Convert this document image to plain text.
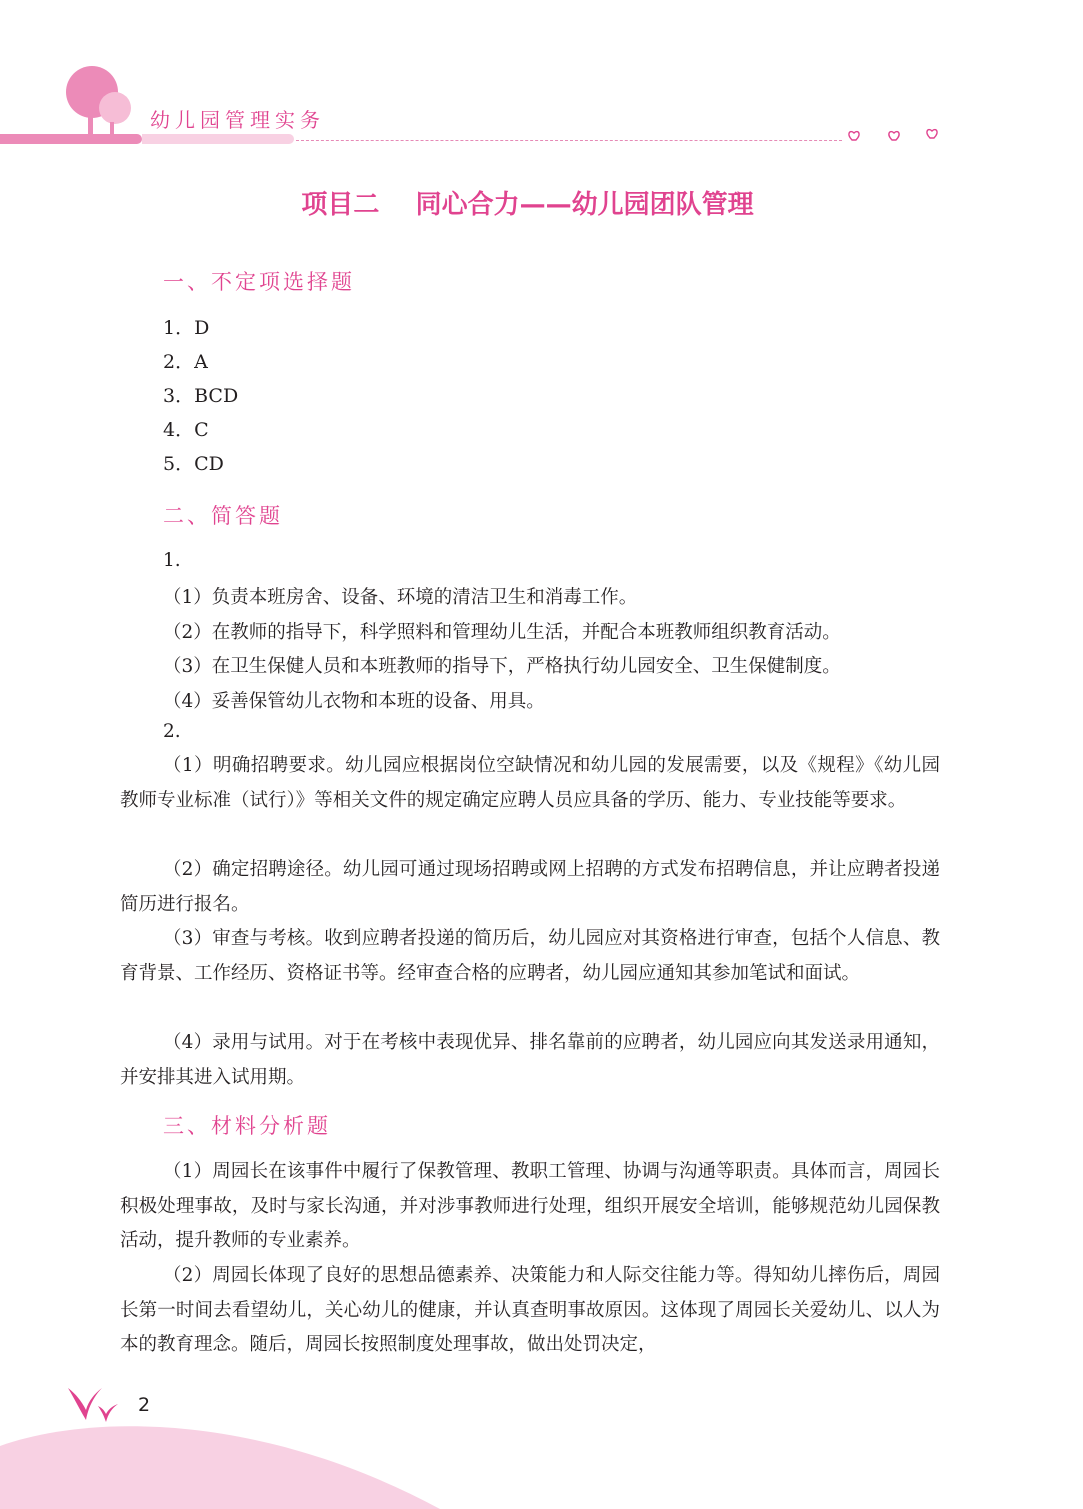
幼儿园管理实务
项目二    同心合力——幼儿园团队管理
一、不定项选择题
1．D
2．A
3．BCD
4．C
5．CD
二、简答题
1.
（1）负责本班房舍、设备、环境的清洁卫生和消毒工作。
（2）在教师的指导下，科学照料和管理幼儿生活，并配合本班教师组织教育活动。
（3）在卫生保健人员和本班教师的指导下，严格执行幼儿园安全、卫生保健制度。
（4）妥善保管幼儿衣物和本班的设备、用具。
2.
（1）明确招聘要求。幼儿园应根据岗位空缺情况和幼儿园的发展需要，以及《规程》《幼儿园教师专业标准（试行）》等相关文件的规定确定应聘人员应具备的学历、能力、专业技能等要求。
（2）确定招聘途径。幼儿园可通过现场招聘或网上招聘的方式发布招聘信息，并让应聘者投递简历进行报名。
（3）审查与考核。收到应聘者投递的简历后，幼儿园应对其资格进行审查，包括个人信息、教育背景、工作经历、资格证书等。经审查合格的应聘者，幼儿园应通知其参加笔试和面试。
（4）录用与试用。对于在考核中表现优异、排名靠前的应聘者，幼儿园应向其发送录用通知，并安排其进入试用期。
三、材料分析题
（1）周园长在该事件中履行了保教管理、教职工管理、协调与沟通等职责。具体而言，周园长积极处理事故，及时与家长沟通，并对涉事教师进行处理，组织开展安全培训，能够规范幼儿园保教活动，提升教师的专业素养。
（2）周园长体现了良好的思想品德素养、决策能力和人际交往能力等。得知幼儿摔伤后，周园长第一时间去看望幼儿，关心幼儿的健康，并认真查明事故原因。这体现了周园长关爱幼儿、以人为本的教育理念。随后，周园长按照制度处理事故，做出处罚决定，
2
